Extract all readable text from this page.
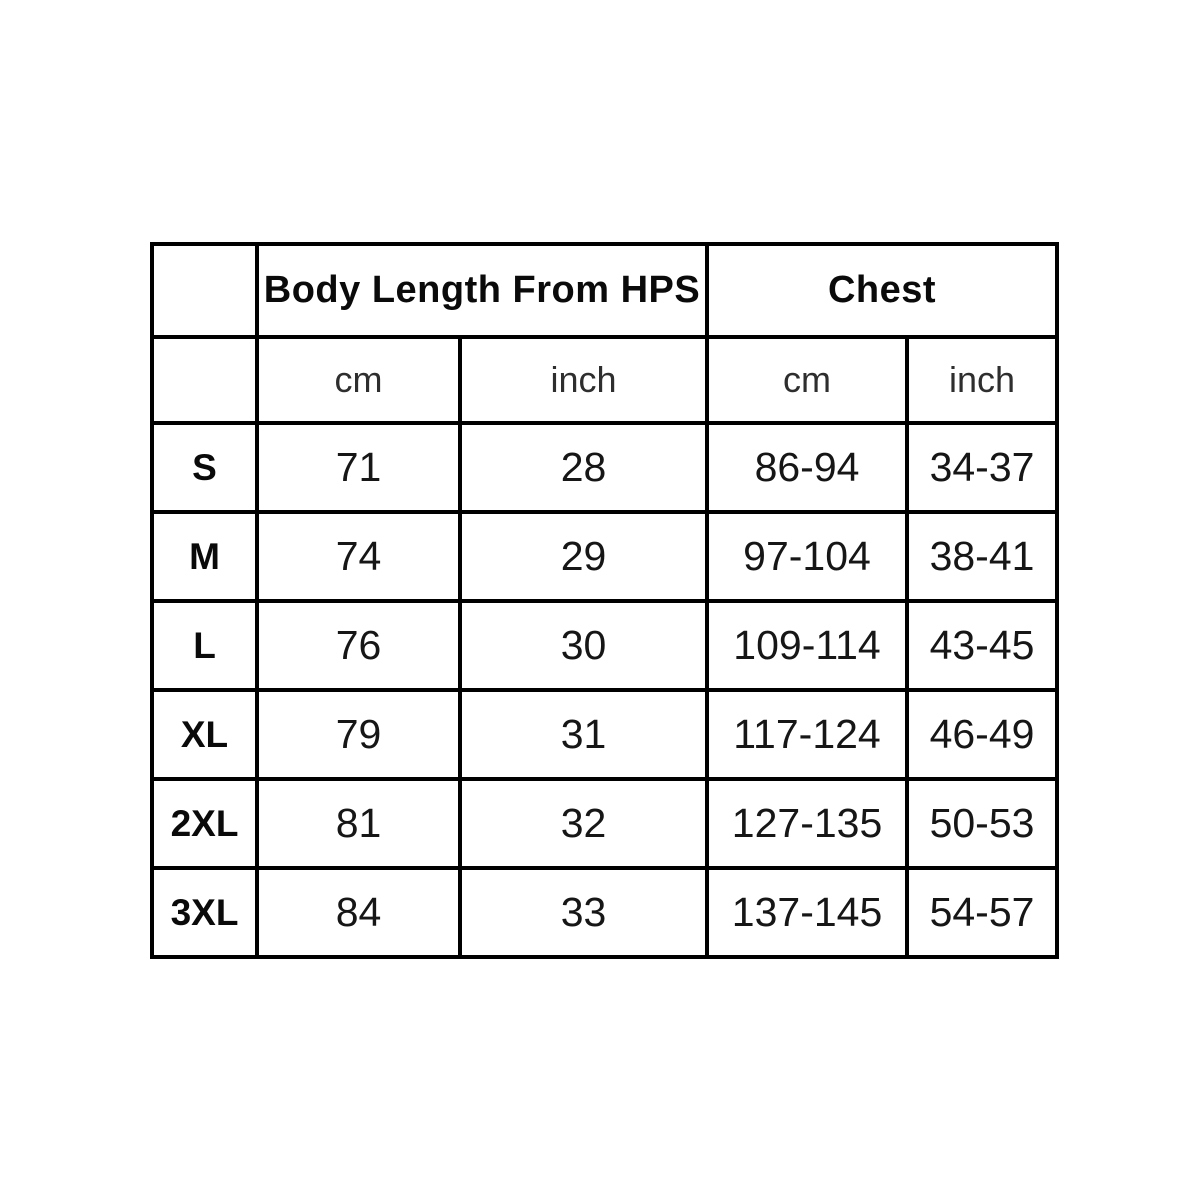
	Body Length From HPS		Chest	
	cm	inch	cm	inch
S	71	28	86-94	34-37
M	74	29	97-104	38-41
L	76	30	109-114	43-45
XL	79	31	117-124	46-49
2XL	81	32	127-135	50-53
3XL	84	33	137-145	54-57
